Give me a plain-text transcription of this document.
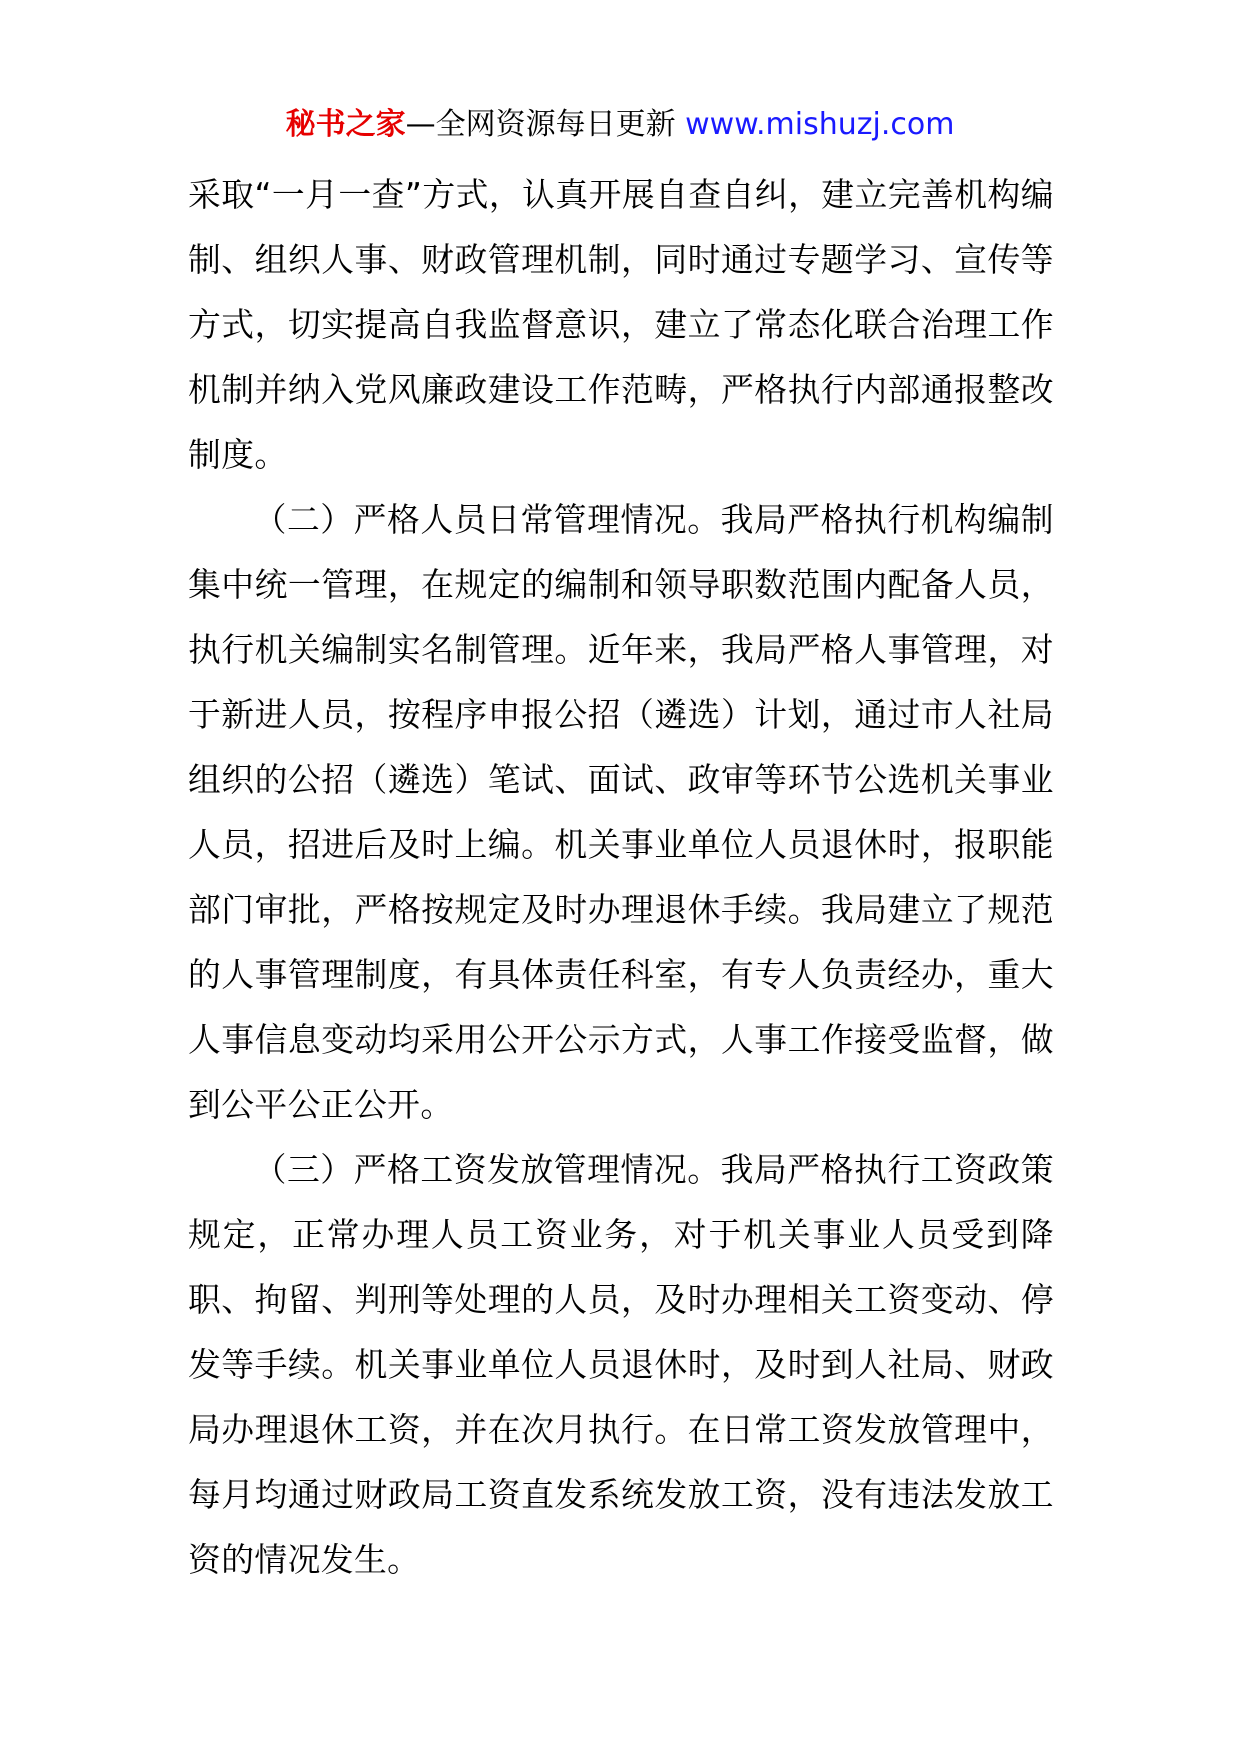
秘书之家—全网资源每日更新 www.mishuzj.com

采取“一月一查”方式，认真开展自查自纠，建立完善机构编制、组织人事、财政管理机制，同时通过专题学习、宣传等方式，切实提高自我监督意识，建立了常态化联合治理工作机制并纳入党风廉政建设工作范畴，严格执行内部通报整改制度。

（二）严格人员日常管理情况。我局严格执行机构编制集中统一管理，在规定的编制和领导职数范围内配备人员，执行机关编制实名制管理。近年来，我局严格人事管理，对于新进人员，按程序申报公招（遴选）计划，通过市人社局组织的公招（遴选）笔试、面试、政审等环节公选机关事业人员，招进后及时上编。机关事业单位人员退休时，报职能部门审批，严格按规定及时办理退休手续。我局建立了规范的人事管理制度，有具体责任科室，有专人负责经办，重大人事信息变动均采用公开公示方式，人事工作接受监督，做到公平公正公开。

（三）严格工资发放管理情况。我局严格执行工资政策规定，正常办理人员工资业务，对于机关事业人员受到降职、拘留、判刑等处理的人员，及时办理相关工资变动、停发等手续。机关事业单位人员退休时，及时到人社局、财政局办理退休工资，并在次月执行。在日常工资发放管理中，每月均通过财政局工资直发系统发放工资，没有违法发放工资的情况发生。
